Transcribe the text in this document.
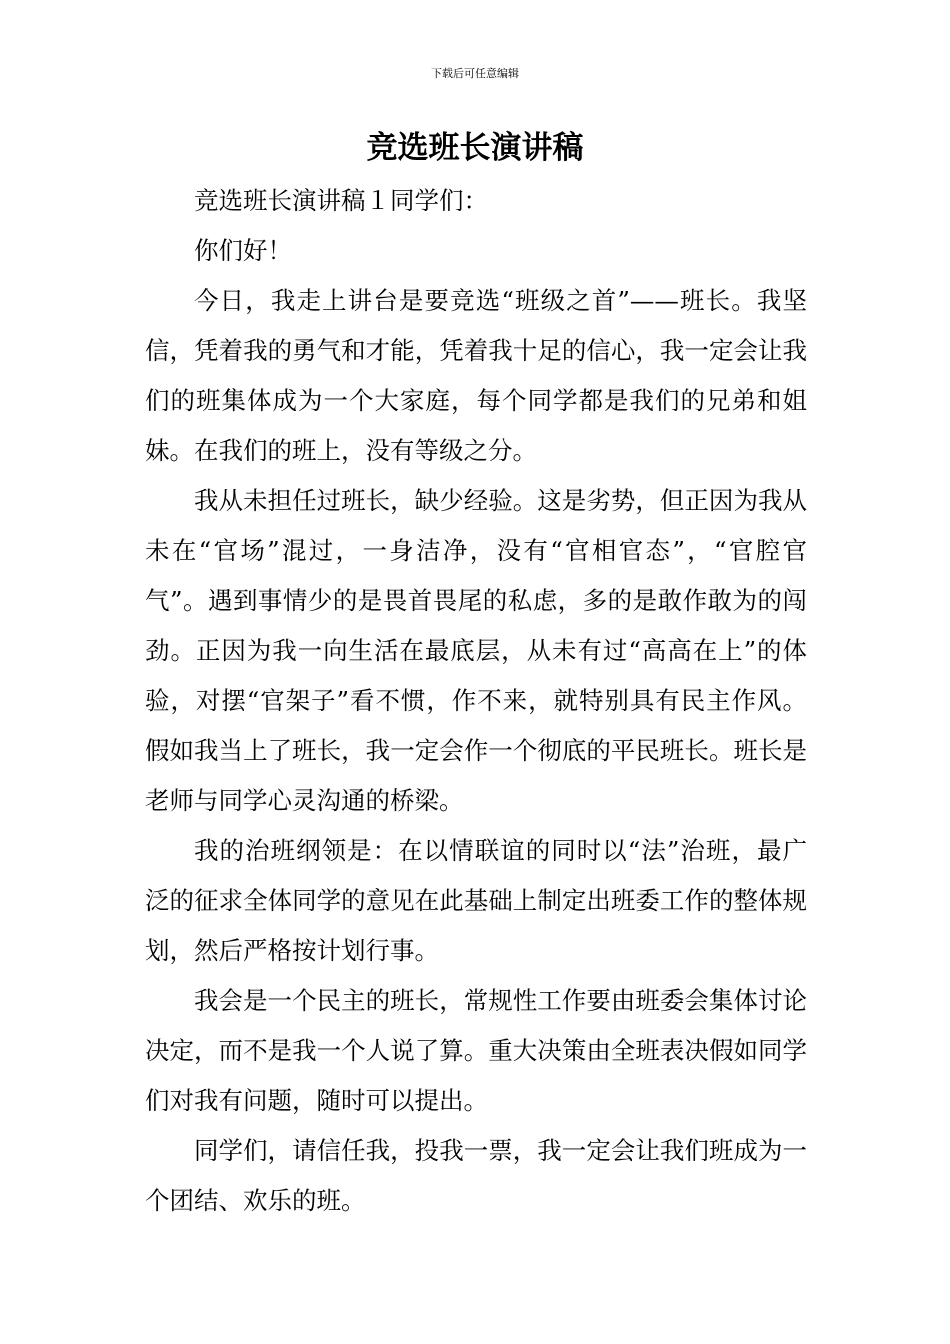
下载后可任意编辑
竞选班长演讲稿

竞选班长演讲稿１同学们：

你们好！

今日，我走上讲台是要竞选“班级之首”——班长。我坚信，凭着我的勇气和才能，凭着我十足的信心，我一定会让我们的班集体成为一个大家庭，每个同学都是我们的兄弟和姐妹。在我们的班上，没有等级之分。

我从未担任过班长，缺少经验。这是劣势，但正因为我从未在“官场”混过，一身洁净，没有“官相官态”，“官腔官气”。遇到事情少的是畏首畏尾的私虑，多的是敢作敢为的闯劲。正因为我一向生活在最底层，从未有过“高高在上”的体验，对摆“官架子”看不惯，作不来，就特别具有民主作风。假如我当上了班长，我一定会作一个彻底的平民班长。班长是老师与同学心灵沟通的桥梁。

我的治班纲领是：在以情联谊的同时以“法”治班，最广泛的征求全体同学的意见在此基础上制定出班委工作的整体规划，然后严格按计划行事。

我会是一个民主的班长，常规性工作要由班委会集体讨论决定，而不是我一个人说了算。重大决策由全班表决假如同学们对我有问题，随时可以提出。

同学们，请信任我，投我一票，我一定会让我们班成为一个团结、欢乐的班。
